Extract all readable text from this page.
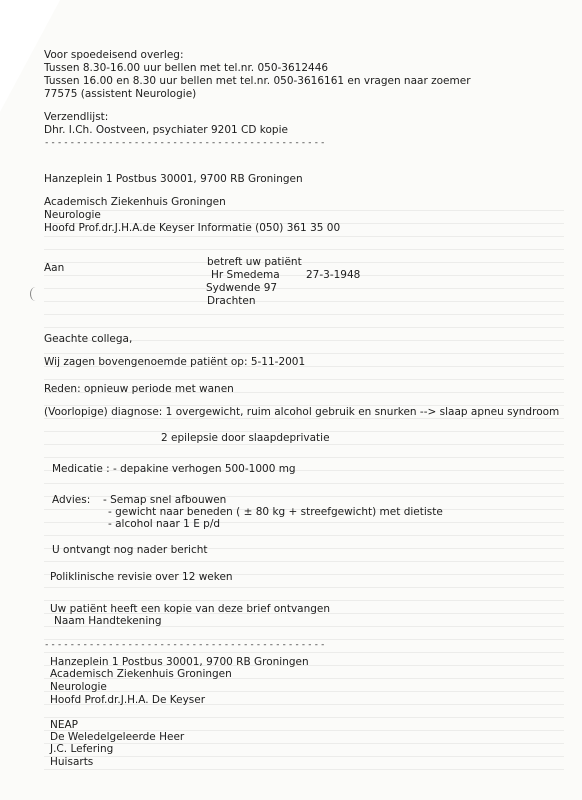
Voor spoedeisend overleg:
Tussen 8.30-16.00 uur bellen met tel.nr. 050-3612446
Tussen 16.00 en 8.30 uur bellen met tel.nr. 050-3616161 en vragen naar zoemer
77575 (assistent Neurologie)
Verzendlijst:
Dhr. I.Ch. Oostveen, psychiater 9201 CD kopie
--------------------------------------------
Hanzeplein 1 Postbus 30001, 9700 RB Groningen
Academisch Ziekenhuis Groningen
Neurologie
Hoofd Prof.dr.J.H.A.de Keyser Informatie (050) 361 35 00
Aan	betreft uw patiënt
Hr Smedema	27-3-1948
Sydwende 97
Drachten
Geachte collega,
Wij zagen bovengenoemde patiënt op: 5-11-2001
Reden: opnieuw periode met wanen
(Voorlopige) diagnose: 1 overgewicht, ruim alcohol gebruik en snurken --> slaap apneu syndroom
2 epilepsie door slaapdeprivatie
Medicatie : - depakine verhogen 500-1000 mg
Advies: - Semap snel afbouwen
- gewicht naar beneden ( ± 80 kg + streefgewicht) met dietiste
- alcohol naar 1 E p/d
U ontvangt nog nader bericht
Poliklinische revisie over 12 weken
Uw patiënt heeft een kopie van deze brief ontvangen
Naam Handtekening
--------------------------------------------
Hanzeplein 1 Postbus 30001, 9700 RB Groningen
Academisch Ziekenhuis Groningen
Neurologie
Hoofd Prof.dr.J.H.A. De Keyser
NEAP
De Weledelgeleerde Heer
J.C. Lefering
Huisarts
